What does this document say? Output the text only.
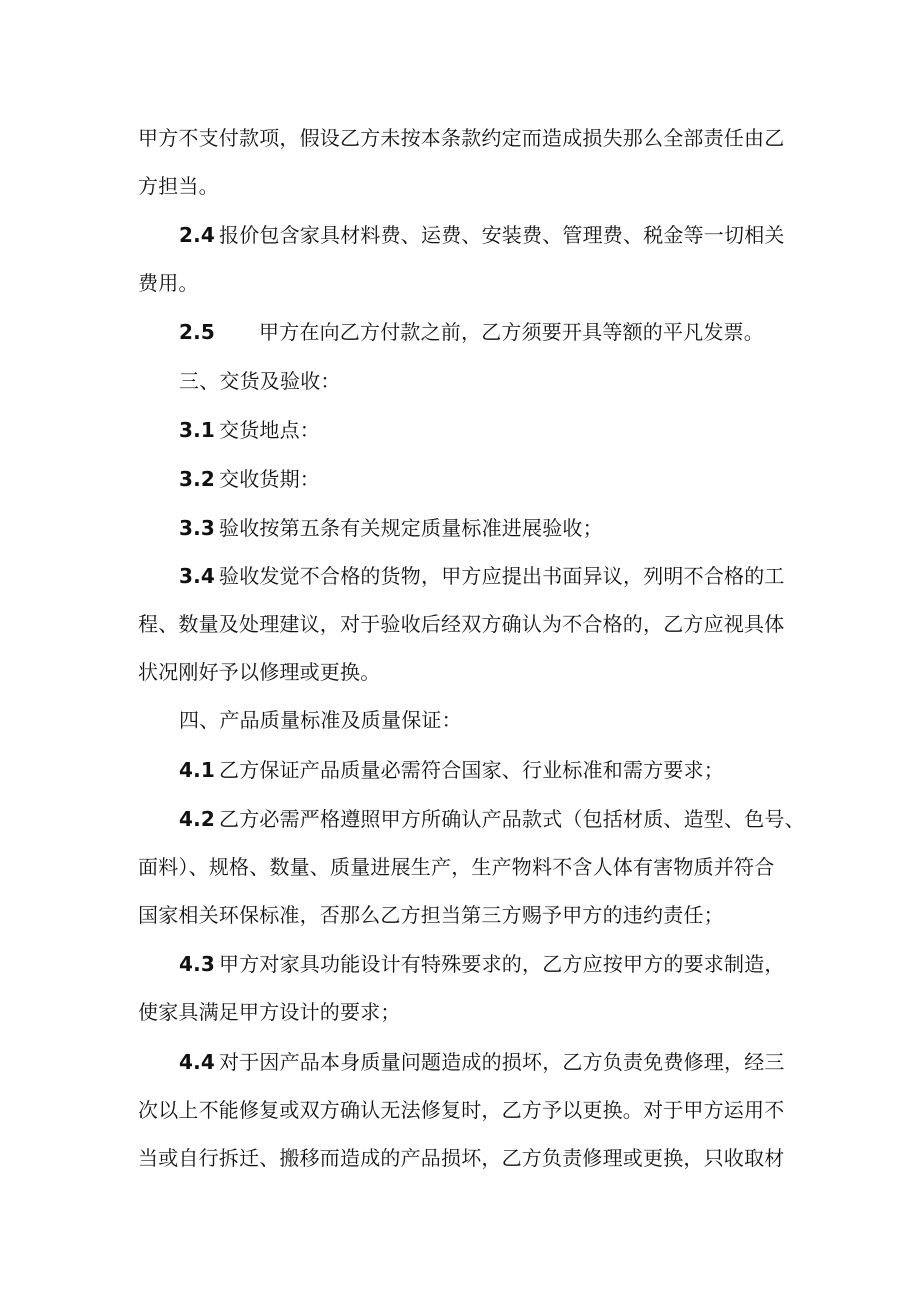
甲方不支付款项，假设乙方未按本条款约定而造成损失那么全部责任由乙
方担当。
2.4 报价包含家具材料费、运费、安装费、管理费、税金等一切相关
费用。
2.5 甲方在向乙方付款之前，乙方须要开具等额的平凡发票。
三、交货及验收：
3.1 交货地点：
3.2 交收货期：
3.3 验收按第五条有关规定质量标准进展验收；
3.4 验收发觉不合格的货物，甲方应提出书面异议，列明不合格的工
程、数量及处理建议，对于验收后经双方确认为不合格的，乙方应视具体
状况刚好予以修理或更换。
四、产品质量标准及质量保证：
4.1 乙方保证产品质量必需符合国家、行业标准和需方要求；
4.2 乙方必需严格遵照甲方所确认产品款式（包括材质、造型、色号、
面料）、规格、数量、质量进展生产，生产物料不含人体有害物质并符合
国家相关环保标准，否那么乙方担当第三方赐予甲方的违约责任；
4.3 甲方对家具功能设计有特殊要求的，乙方应按甲方的要求制造，
使家具满足甲方设计的要求；
4.4 对于因产品本身质量问题造成的损坏，乙方负责免费修理，经三
次以上不能修复或双方确认无法修复时，乙方予以更换。对于甲方运用不
当或自行拆迁、搬移而造成的产品损坏，乙方负责修理或更换，只收取材
